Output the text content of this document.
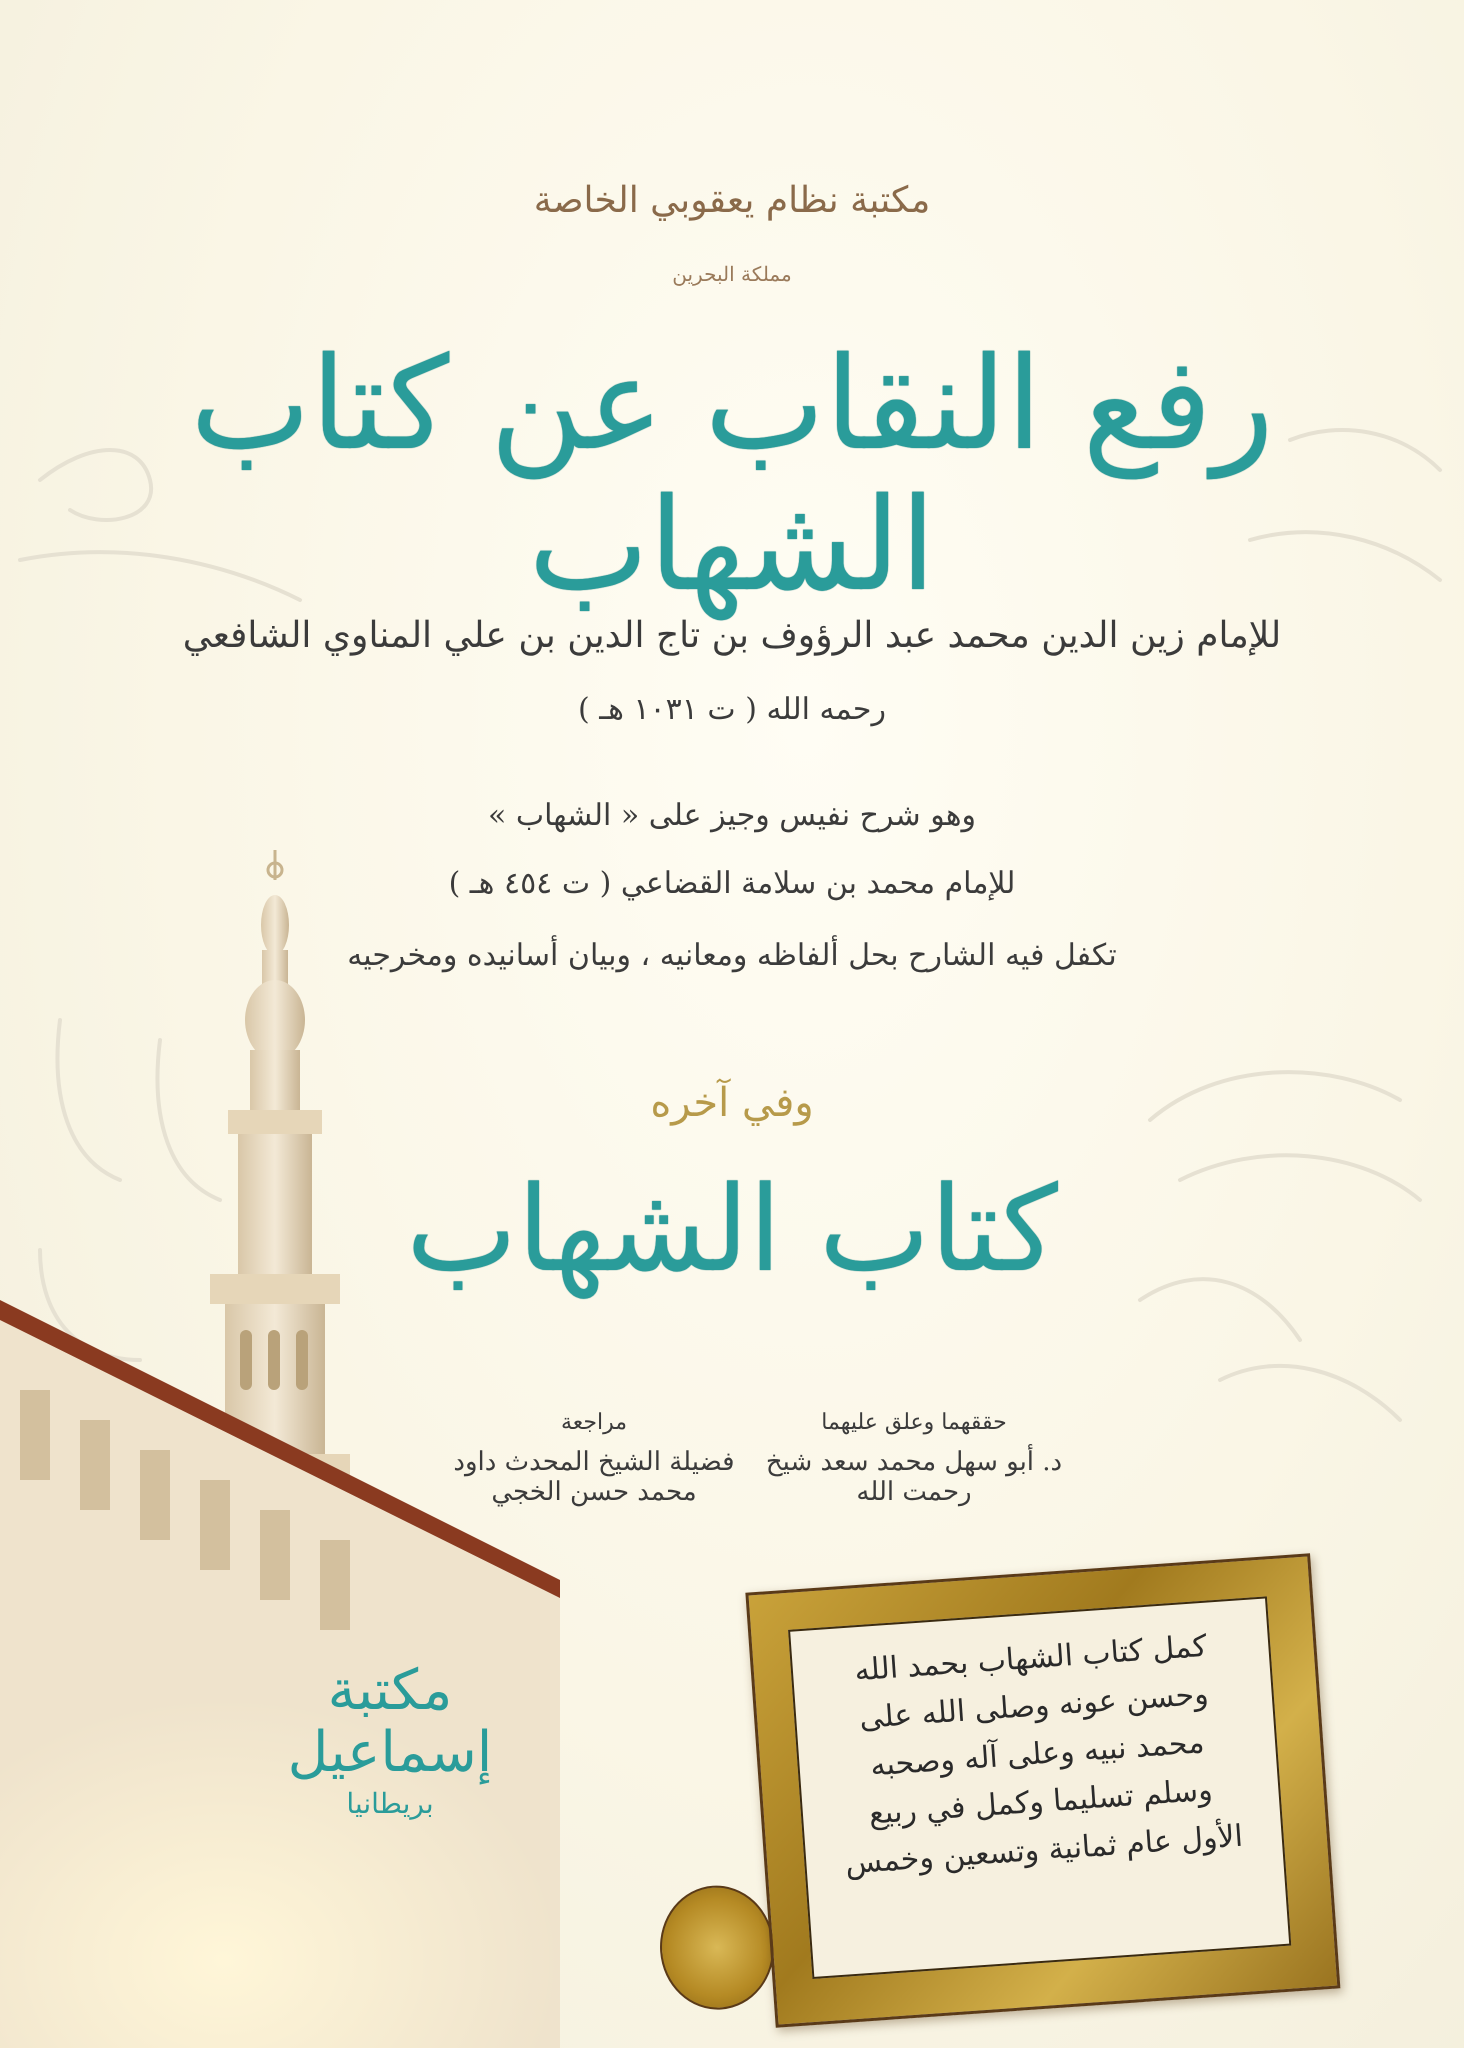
مكتبة نظام يعقوبي الخاصة
مملكة البحرين
رفع النقاب عن كتاب الشهاب
للإمام زين الدين محمد عبد الرؤوف بن تاج الدين بن علي المناوي الشافعي
رحمه الله ( ت ١٠٣١ هـ )
وهو شرح نفيس وجيز على « الشهاب »
للإمام محمد بن سلامة القضاعي ( ت ٤٥٤ هـ )
تكفل فيه الشارح بحل ألفاظه ومعانيه ، وبيان أسانيده ومخرجيه
وفي آخره
كتاب الشهاب
حققهما وعلق عليهما
د. أبو سهل محمد سعد شيخ رحمت الله
مراجعة
فضيلة الشيخ المحدث داود محمد حسن الخجي
مكتبة إسماعيل
بريطانيا
كمل كتاب الشهاب بحمد الله
وحسن عونه وصلى الله على
محمد نبيه وعلى آله وصحبه
وسلم تسليما وكمل في ربيع
الأول عام ثمانية وتسعين وخمس
